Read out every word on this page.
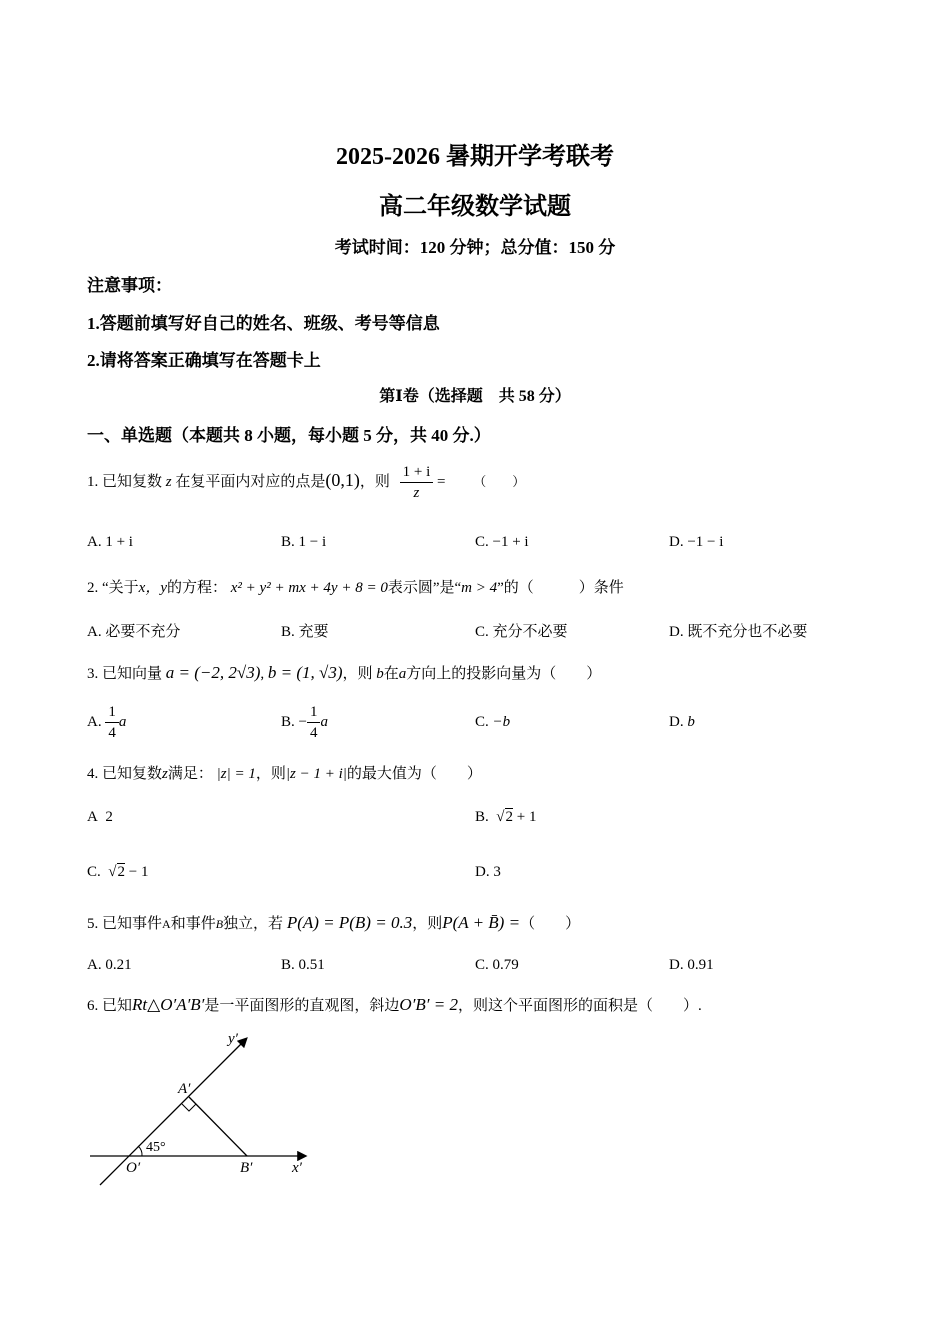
2025-2026 暑期开学考联考
高二年级数学试题
考试时间：120 分钟；总分值：150 分
注意事项：
1.答题前填写好自己的姓名、班级、考号等信息
2.请将答案正确填写在答题卡上
第Ⅰ卷（选择题　共 58 分）
一、单选题（本题共 8 小题，每小题 5 分，共 40 分.）
1. 已知复数 z 在复平面内对应的点是(0,1)，则 $\frac{1 + i}{z}$ = （　　）
A. 1 + i	B. 1 − i	C. −1 + i	D. −1 − i
2. “关于x，y的方程： x² + y² + mx + 4y + 8 = 0表示圆”是“m > 4”的（　　　）条件
A. 必要不充分	B. 充要	C. 充分不必要	D. 既不充分也不必要
3. 已知向量 a = (−2, 2√3), b = (1, √3)，则 b在a方向上的投影向量为（　　）
A. $\frac{1}{4}$ a	B. − $\frac{1}{4}$ a	C. −b	D. b
4. 已知复数z满足： |z| = 1，则|z − 1 + i|的最大值为（　　）
A 2	B.  √2 + 1
C.  √2 − 1	D. 3
5. 已知事件A和事件B独立，若 P(A) = P(B) = 0.3，则P(A + B̄) =（　　）
A. 0.21	B. 0.51	C. 0.79	D. 0.91
6. 已知Rt△O′A′B′是一平面图形的直观图，斜边O′B′ = 2，则这个平面图形的面积是（　　）.
y′
A′
45°
O′	B′	x′
